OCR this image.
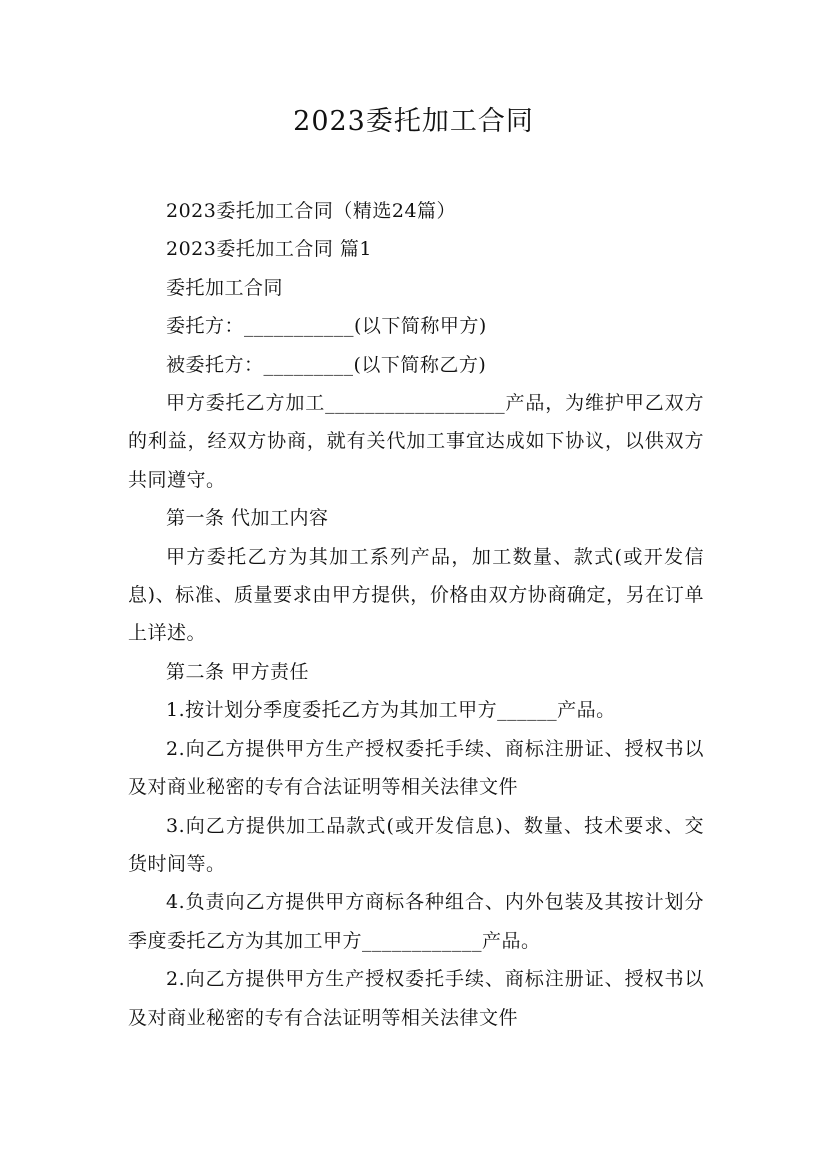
2023委托加工合同

2023委托加工合同（精选24篇）

2023委托加工合同 篇1

委托加工合同

委托方：___________(以下简称甲方)

被委托方：_________(以下简称乙方)

甲方委托乙方加工__________________产品，为维护甲乙双方的利益，经双方协商，就有关代加工事宜达成如下协议，以供双方共同遵守。

第一条 代加工内容

甲方委托乙方为其加工系列产品，加工数量、款式(或开发信息)、标准、质量要求由甲方提供，价格由双方协商确定，另在订单上详述。

第二条 甲方责任

1.按计划分季度委托乙方为其加工甲方______产品。

2.向乙方提供甲方生产授权委托手续、商标注册证、授权书以及对商业秘密的专有合法证明等相关法律文件

3.向乙方提供加工品款式(或开发信息)、数量、技术要求、交货时间等。

4.负责向乙方提供甲方商标各种组合、内外包装及其按计划分季度委托乙方为其加工甲方____________产品。

2.向乙方提供甲方生产授权委托手续、商标注册证、授权书以及对商业秘密的专有合法证明等相关法律文件
